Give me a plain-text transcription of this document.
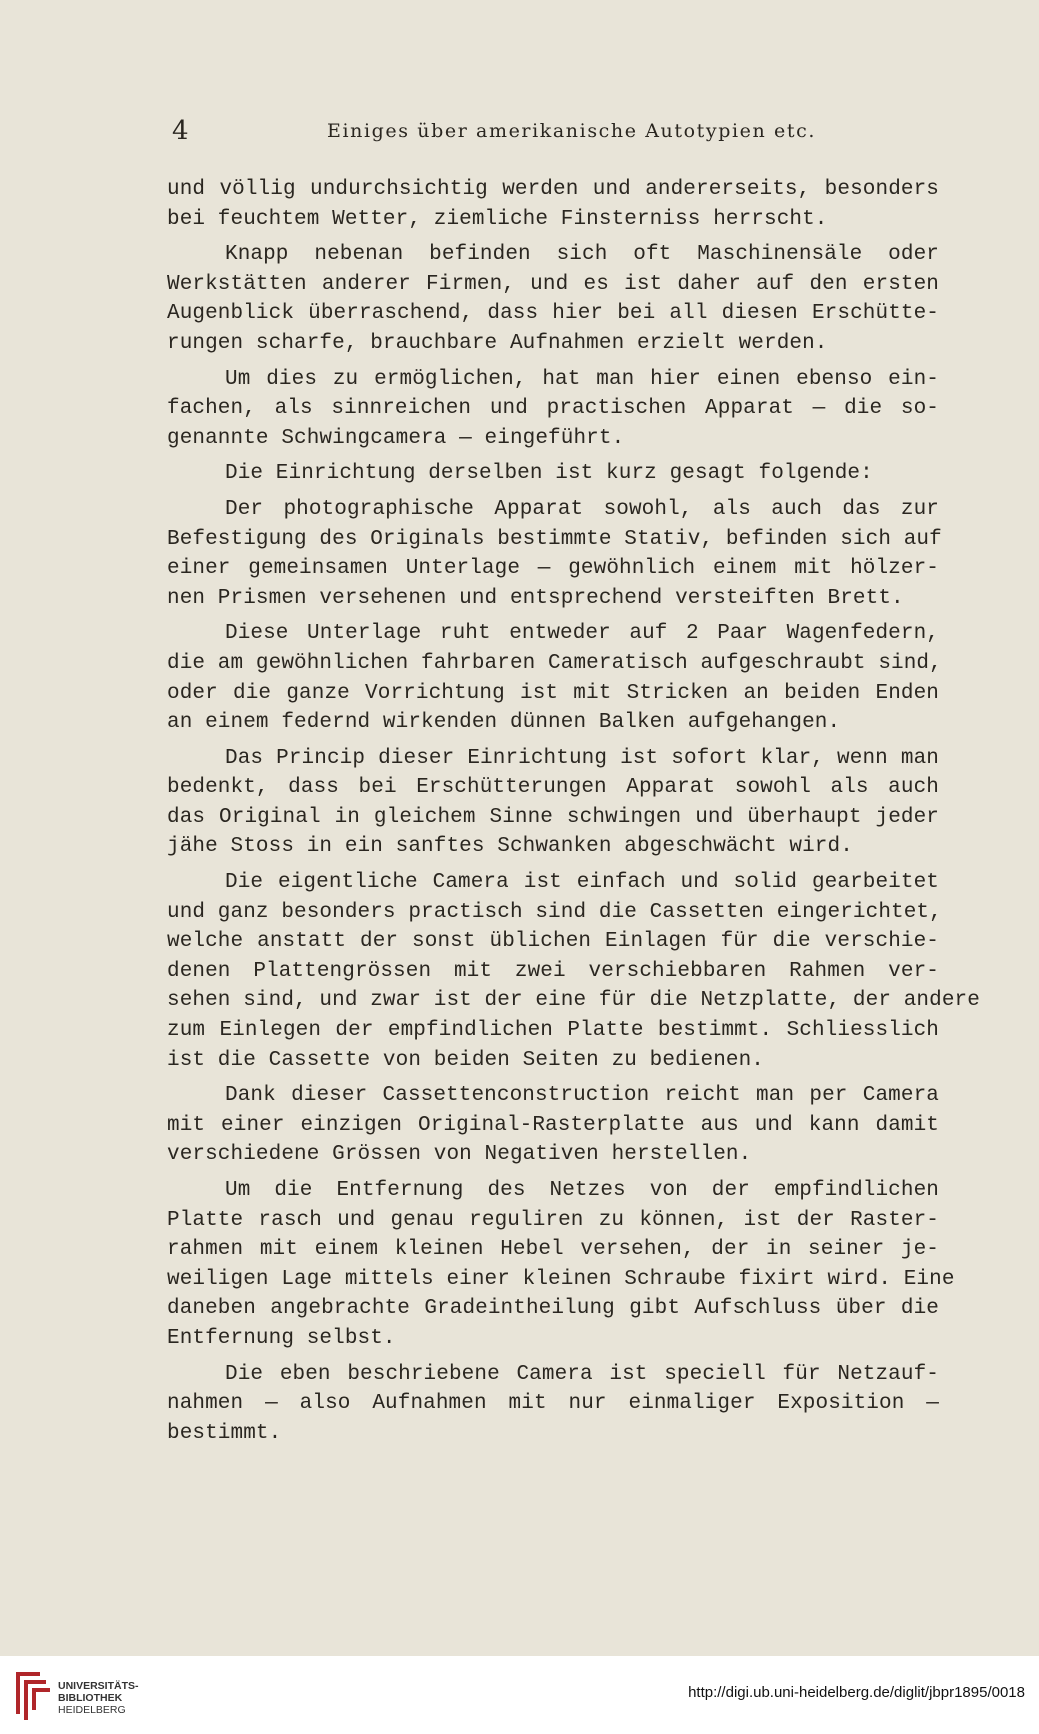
4	Einiges über amerikanische Autotypien etc.
und völlig undurchsichtig werden und andererseits, besonders
bei feuchtem Wetter, ziemliche Finsterniss herrscht.
Knapp nebenan befinden sich oft Maschinensäle oder
Werkstätten anderer Firmen, und es ist daher auf den ersten
Augenblick überraschend, dass hier bei all diesen Erschütte-
rungen scharfe, brauchbare Aufnahmen erzielt werden.
Um dies zu ermöglichen, hat man hier einen ebenso ein-
fachen, als sinnreichen und practischen Apparat — die so-
genannte Schwingcamera — eingeführt.
Die Einrichtung derselben ist kurz gesagt folgende:
Der photographische Apparat sowohl, als auch das zur
Befestigung des Originals bestimmte Stativ, befinden sich auf
einer gemeinsamen Unterlage — gewöhnlich einem mit hölzer-
nen Prismen versehenen und entsprechend versteiften Brett.
Diese Unterlage ruht entweder auf 2 Paar Wagenfedern,
die am gewöhnlichen fahrbaren Cameratisch aufgeschraubt sind,
oder die ganze Vorrichtung ist mit Stricken an beiden Enden
an einem federnd wirkenden dünnen Balken aufgehangen.
Das Princip dieser Einrichtung ist sofort klar, wenn man
bedenkt, dass bei Erschütterungen Apparat sowohl als auch
das Original in gleichem Sinne schwingen und überhaupt jeder
jähe Stoss in ein sanftes Schwanken abgeschwächt wird.
Die eigentliche Camera ist einfach und solid gearbeitet
und ganz besonders practisch sind die Cassetten eingerichtet,
welche anstatt der sonst üblichen Einlagen für die verschie-
denen Plattengrössen mit zwei verschiebbaren Rahmen ver-
sehen sind, und zwar ist der eine für die Netzplatte, der andere
zum Einlegen der empfindlichen Platte bestimmt. Schliesslich
ist die Cassette von beiden Seiten zu bedienen.
Dank dieser Cassettenconstruction reicht man per Camera
mit einer einzigen Original-Rasterplatte aus und kann damit
verschiedene Grössen von Negativen herstellen.
Um die Entfernung des Netzes von der empfindlichen
Platte rasch und genau reguliren zu können, ist der Raster-
rahmen mit einem kleinen Hebel versehen, der in seiner je-
weiligen Lage mittels einer kleinen Schraube fixirt wird. Eine
daneben angebrachte Gradeintheilung gibt Aufschluss über die
Entfernung selbst.
Die eben beschriebene Camera ist speciell für Netzauf-
nahmen — also Aufnahmen mit nur einmaliger Exposition —
bestimmt.
UNIVERSITÄTS-
BIBLIOTHEK
HEIDELBERG
http://digi.ub.uni-heidelberg.de/diglit/jbpr1895/0018
